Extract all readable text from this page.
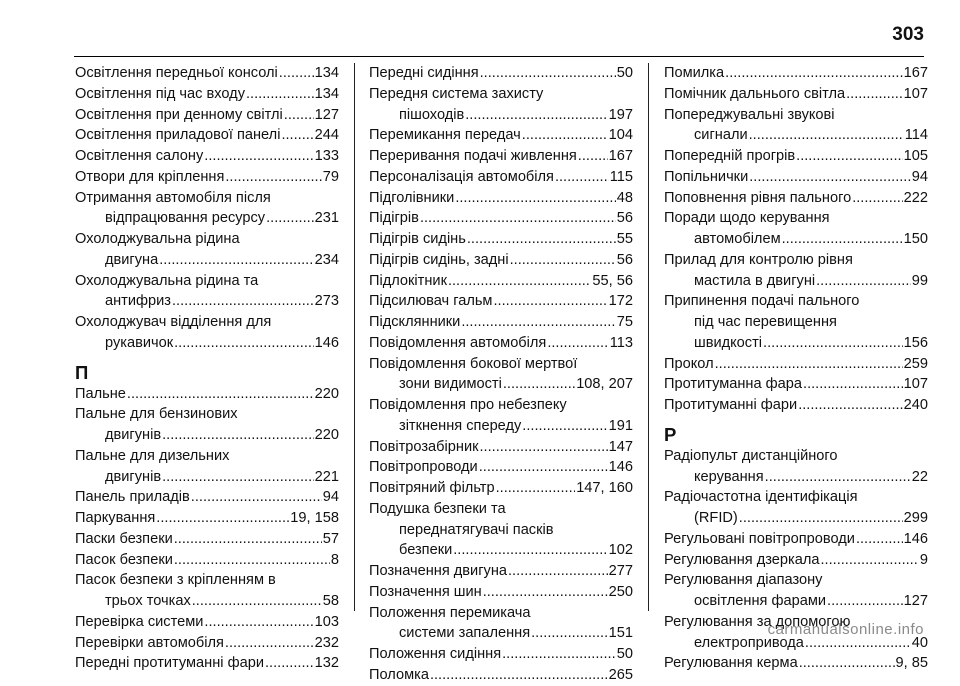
303
Освітлення передньої консолі .....	134
Освітлення під час входу .....	134
Освітлення при денному світлі ..... 127
Освітлення приладової панелі ..... 244
Освітлення салону .....	133
Отвори для кріплення .....	79
Отримання автомобіля після
відпрацювання ресурсу .....	231
Охолоджувальна рідина
двигуна .....	234
Охолоджувальна рідина та
антифриз .....	273
Охолоджувач відділення для
рукавичок .....	146
П
Пальне .....	220
Пальне для бензинових
двигунів .....	220
Пальне для дизельних
двигунів .....	221
Панель приладів .....	94
Паркування .....	19, 158
Паски безпеки .....	57
Пасок безпеки .....	8
Пасок безпеки з кріпленням в
трьох точках .....	58
Перевірка системи .....	103
Перевірки автомобіля .....	232
Передні протитуманні фари .....	132
Передні сидіння .....	50
Передня система захисту
пішоходів .....	197
Перемикання передач .....	104
Переривання подачі живлення ..... 167
Персоналізація автомобіля .....	115
Підголівники .....	48
Підігрів .....	56
Підігрів сидінь .....	55
Підігрів сидінь, задні .....	56
Підлокітник .....	55, 56
Підсилювач гальм .....	172
Підсклянники .....	75
Повідомлення автомобіля .....	113
Повідомлення бокової мертвої
зони видимості .....	108, 207
Повідомлення про небезпеку
зіткнення спереду .....	191
Повітрозабірник .....	147
Повітропроводи .....	146
Повітряний фільтр .....	147, 160
Подушка безпеки та
переднатягувачі пасків
безпеки .....	102
Позначення двигуна .....	277
Позначення шин .....	250
Положення перемикача
системи запалення .....	151
Положення сидіння .....	50
Поломка .....	265
Помилка .....	167
Помічник дальнього світла .....	107
Попереджувальні звукові
сигнали .....	114
Попередній прогрів .....	105
Попільнички .....	94
Поповнення рівня пального .....	222
Поради щодо керування
автомобілем .....	150
Прилад для контролю рівня
мастила в двигуні .....	99
Припинення подачі пального
під час перевищення
швидкості .....	156
Прокол .....	259
Протитуманна фара .....	107
Протитуманні фари .....	240
Р
Радіопульт дистанційного
керування .....	22
Радіочастотна ідентифікація
(RFID) .....	299
Регульовані повітропроводи .....	146
Регулювання дзеркала .....	9
Регулювання діапазону
освітлення фарами .....	127
Регулювання за допомогою
електропривода .....	40
Регулювання керма .....	9, 85
carmanualsonline.info
